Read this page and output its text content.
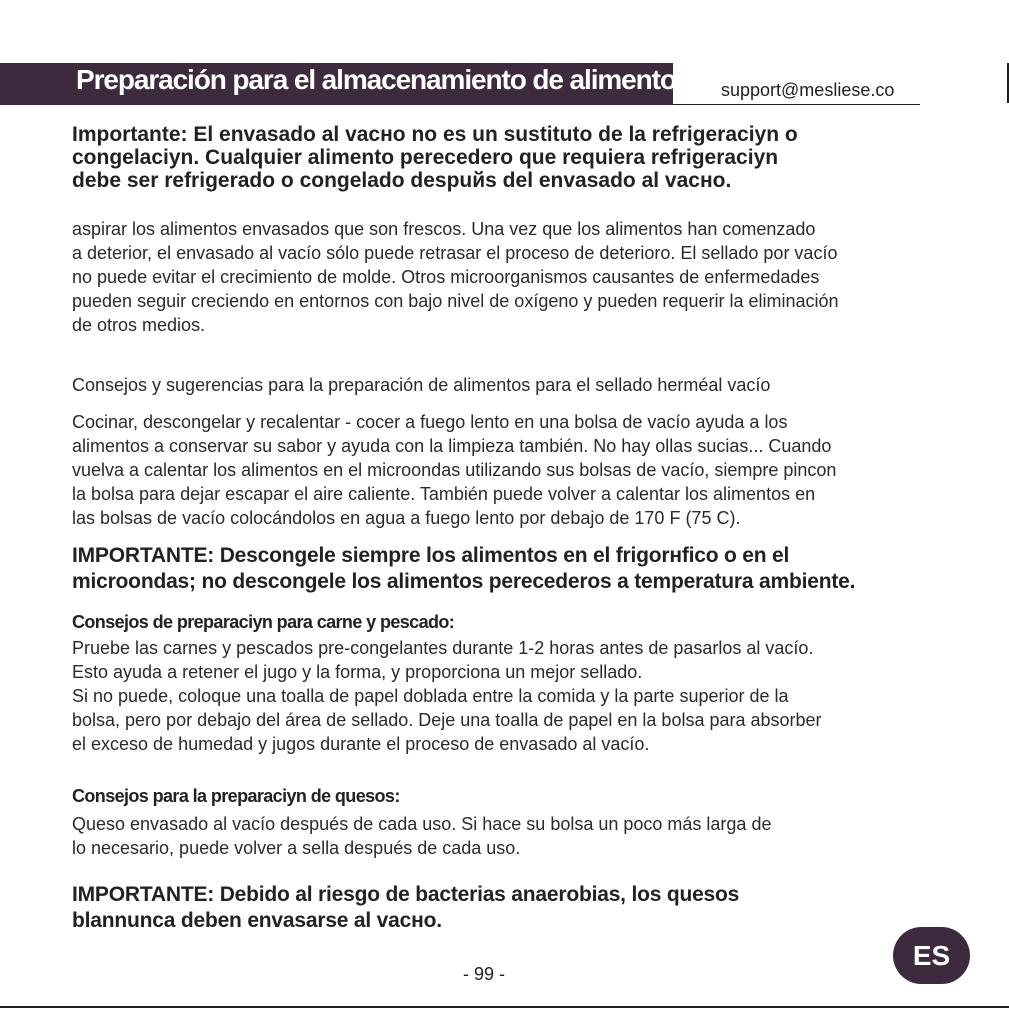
Preparación para el almacenamiento de alimentos support@mesliese.co
Importante: El envasado al vacнo no es un sustituto de la refrigeraciуn o
congelaciуn. Cualquier alimento perecedero que requiera refrigeraciуn
debe ser refrigerado o congelado despuйs del envasado al vacнo.
aspirar los alimentos envasados que son frescos. Una vez que los alimentos han comenzado
a deterior, el envasado al vacío sólo puede retrasar el proceso de deterioro. El sellado por vacío
no puede evitar el crecimiento de molde. Otros microorganismos causantes de enfermedades
pueden seguir creciendo en entornos con bajo nivel de oxígeno y pueden requerir la eliminación
de otros medios.
Consejos y sugerencias para la preparación de alimentos para el sellado herméal vacío
Cocinar, descongelar y recalentar - cocer a fuego lento en una bolsa de vacío ayuda a los
alimentos a conservar su sabor y ayuda con la limpieza también. No hay ollas sucias... Cuando
vuelva a calentar los alimentos en el microondas utilizando sus bolsas de vacío, siempre pincon
la bolsa para dejar escapar el aire caliente. También puede volver a calentar los alimentos en
las bolsas de vacío colocándolos en agua a fuego lento por debajo de 170 F (75 C).
IMPORTANTE: Descongele siempre los alimentos en el frigorнfico o en el
microondas; no descongele los alimentos perecederos a temperatura ambiente.
Consejos de preparaciуn para carne y pescado:
Pruebe las carnes y pescados pre-congelantes durante 1-2 horas antes de pasarlos al vacío.
Esto ayuda a retener el jugo y la forma, y proporciona un mejor sellado.
Si no puede, coloque una toalla de papel doblada entre la comida y la parte superior de la
bolsa, pero por debajo del área de sellado. Deje una toalla de papel en la bolsa para absorber
el exceso de humedad y jugos durante el proceso de envasado al vacío.
Consejos para la preparaciуn de quesos:
Queso envasado al vacío después de cada uso. Si hace su bolsa un poco más larga de
lo necesario, puede volver a sella después de cada uso.
IMPORTANTE: Debido al riesgo de bacterias anaerobias, los quesos
blannunca deben envasarse al vacнo.
- 99 -
ES
